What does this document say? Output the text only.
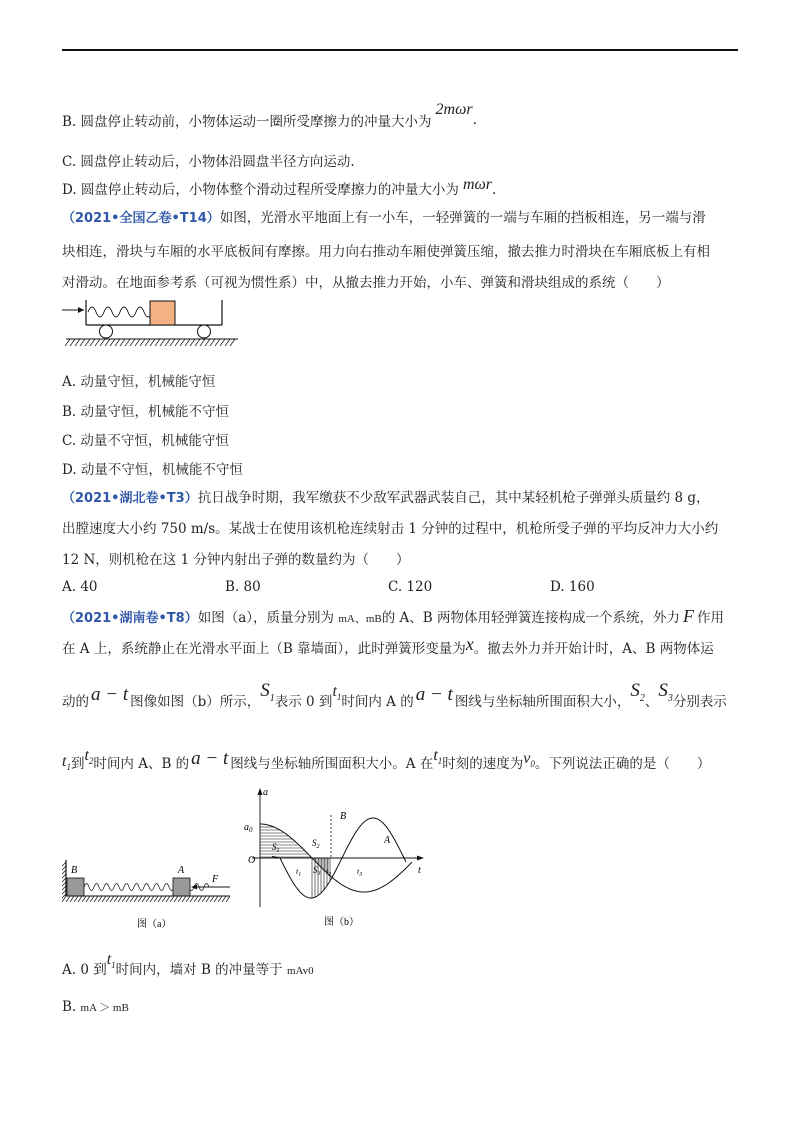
B. 圆盘停止转动前，小物体运动一圈所受摩擦力的冲量大小为2mωr.
C. 圆盘停止转动后，小物体沿圆盘半径方向运动.
D. 圆盘停止转动后，小物体整个滑动过程所受摩擦力的冲量大小为 mωr.
（2021•全国乙卷•T14）如图，光滑水平地面上有一小车，一轻弹簧的一端与车厢的挡板相连，另一端与滑
块相连，滑块与车厢的水平底板间有摩擦。用力向右推动车厢使弹簧压缩，撤去推力时滑块在车厢底板上有相
对滑动。在地面参考系（可视为惯性系）中，从撤去推力开始，小车、弹簧和滑块组成的系统（　　）
A. 动量守恒，机械能守恒
B. 动量守恒，机械能不守恒
C. 动量不守恒，机械能守恒
D. 动量不守恒，机械能不守恒
（2021•湖北卷•T3）抗日战争时期，我军缴获不少敌军武器武装自己，其中某轻机枪子弹弹头质量约 8 g，
出膛速度大小约 750 m/s。某战士在使用该机枪连续射击 1 分钟的过程中，机枪所受子弹的平均反冲力大小约
12 N，则机枪在这 1 分钟内射出子弹的数量约为（　　）
A. 40	B. 80	C. 120	D. 160
（2021•湖南卷•T8）如图（a），质量分别为 mA、mB的 A、B 两物体用轻弹簧连接构成一个系统，外力 F 作用
在 A 上，系统静止在光滑水平面上（B 靠墙面），此时弹簧形变量为x。撤去外力并开始计时，A、B 两物体运
动的 a − t 图像如图（b）所示，$S_1$表示 0 到$t_1$时间内 A 的 a − t 图线与坐标轴所围面积大小，$S_2$、$S_3$分别表示
$t_1$到$t_2$时间内 A、B 的 a − t 图线与坐标轴所围面积大小。A 在$t_1$时刻的速度为$v_0$。下列说法正确的是（　　）
B	A
F
图（a）
a
t
$a_0$
O
B
A
$S_1$
$S_2$
$S_3$
$t_1$	$t_2$	$t_3$
图（b）
A. 0 到$t_1$时间内，墙对 B 的冲量等于 mAv0
B. mA ＞ mB
